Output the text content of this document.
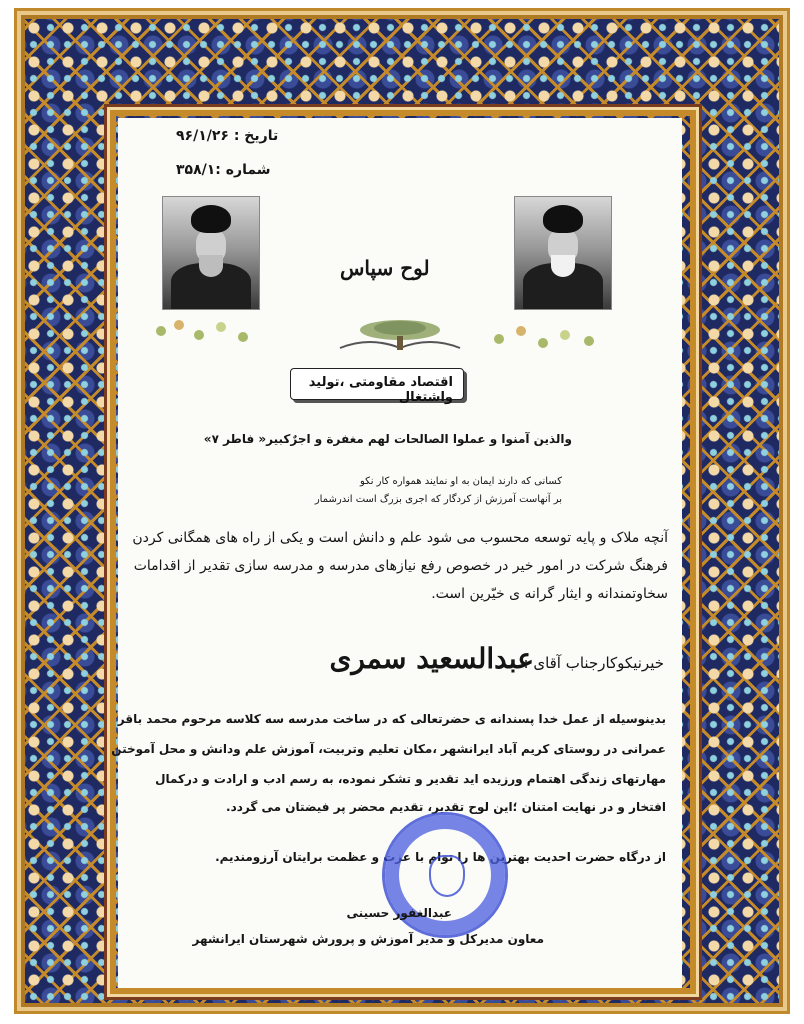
تاریخ : ۹۶/۱/۲۶
شماره :۳۵۸/۱
لوح سپاس
اقتصاد مقاومتی ،تولید واشتغال
والذین آمنوا و عملوا الصالحات لهم مغفرة و اجرٌکبیر« فاطر ۷»
کسانی که دارند ایمان به او نمایند همواره کار نکو
بر آنهاست آمرزش از کردگار که اجری بزرگ است اندرشمار
آنچه ملاک و پایه توسعه محسوب می شود علم و دانش است و یکی از راه های همگانی کردن
فرهنگ شرکت در امور خیر در خصوص رفع نیازهای مدرسه و مدرسه سازی تقدیر از اقدامات
سخاوتمندانه و ایثار گرانه ی خیّرین است.
خیرنیکوکارجناب آقای :
عبدالسعید سمری
بدینوسیله از عمل خدا پسندانه ی حضرتعالی که در ساخت مدرسه سه کلاسه مرحوم محمد باقر
عمرانی در روستای کریم آباد ایرانشهر ،مکان تعلیم وتربیت، آموزش علم ودانش و محل آموختن
مهارتهای زندگی اهتمام ورزیده اید تقدیر و تشکر نموده، به رسم ادب و ارادت و درکمال
افتخار و در نهایت امتنان ؛این لوح تقدیر، تقدیم محضر پر فیضتان می گردد.
از درگاه حضرت احدیت بهترین ها را توام با عزت و عظمت برایتان آرزومندیم.
عبدالغفور حسینی
معاون مدیرکل و مدیر آموزش و پرورش شهرستان ایرانشهر
